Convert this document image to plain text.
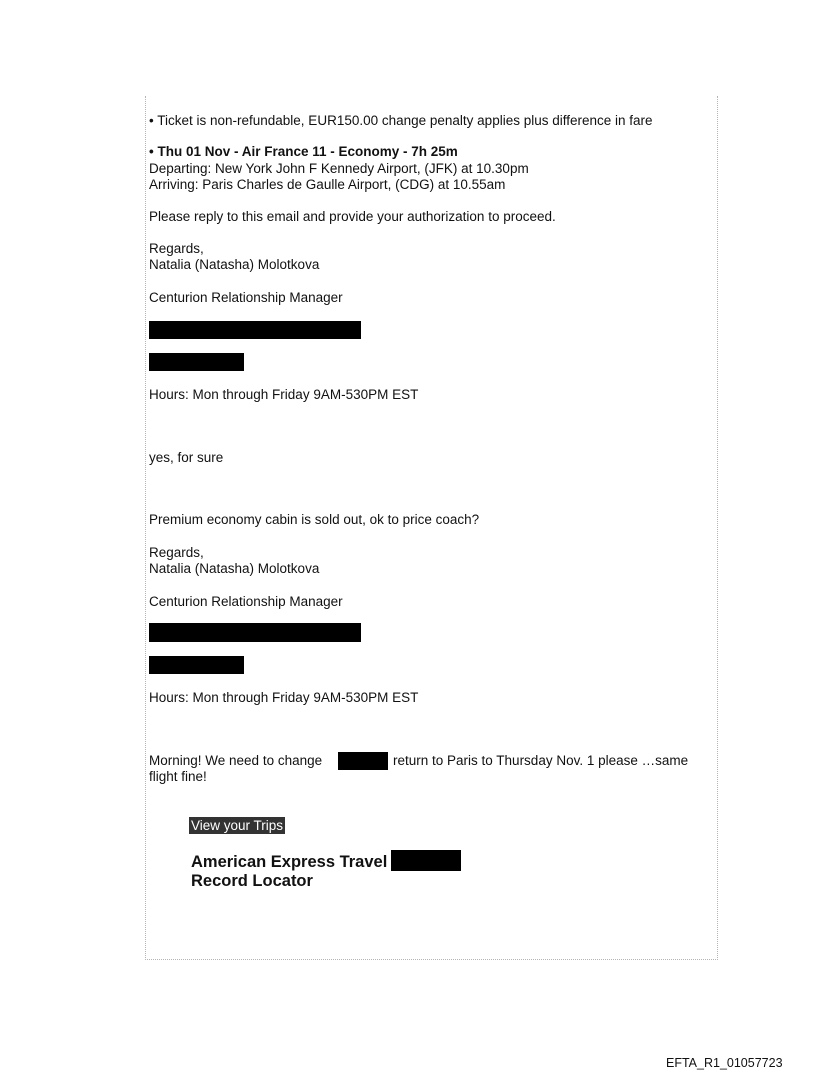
• Ticket is non-refundable, EUR150.00 change penalty applies plus difference in fare
• Thu 01 Nov - Air France 11 - Economy - 7h 25m
Departing: New York John F Kennedy Airport, (JFK) at 10.30pm
Arriving: Paris Charles de Gaulle Airport, (CDG) at 10.55am
Please reply to this email and provide your authorization to proceed.
Regards,
Natalia (Natasha) Molotkova
Centurion Relationship Manager
Hours: Mon through Friday 9AM-530PM EST
yes, for sure
Premium economy cabin is sold out, ok to price coach?
Regards,
Natalia (Natasha) Molotkova
Centurion Relationship Manager
Hours: Mon through Friday 9AM-530PM EST
Morning! We need to change	return to Paris to Thursday Nov. 1 please …same
flight fine!
View your Trips
American Express Travel
Record Locator
EFTA_R1_01057723
